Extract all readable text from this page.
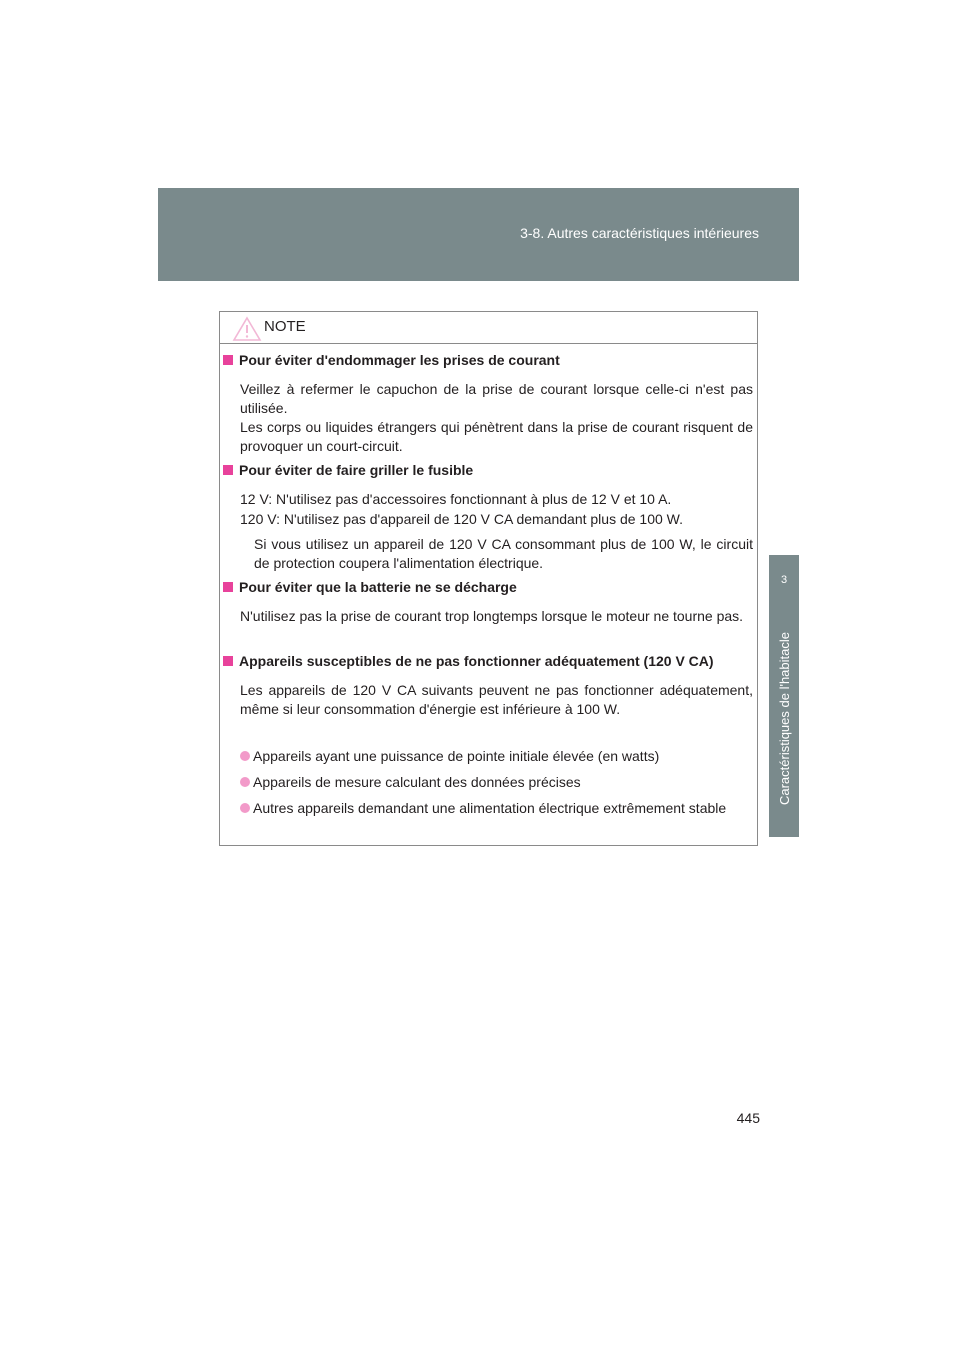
3-8. Autres caractéristiques intérieures
3
Caractéristiques de l'habitacle
NOTE
Pour éviter d'endommager les prises de courant
Veillez à refermer le capuchon de la prise de courant lorsque celle-ci n'est pas utilisée.
Les corps ou liquides étrangers qui pénètrent dans la prise de courant risquent de provoquer un court-circuit.
Pour éviter de faire griller le fusible
12 V: N'utilisez pas d'accessoires fonctionnant à plus de 12 V et 10 A.
120 V: N'utilisez pas d'appareil de 120 V CA demandant plus de 100 W.
Si vous utilisez un appareil de 120 V CA consommant plus de 100 W, le circuit de protection coupera l'alimentation électrique.
Pour éviter que la batterie ne se décharge
N'utilisez pas la prise de courant trop longtemps lorsque le moteur ne tourne pas.
Appareils susceptibles de ne pas fonctionner adéquatement (120 V CA)
Les appareils de 120 V CA suivants peuvent ne pas fonctionner adéquatement, même si leur consommation d'énergie est inférieure à 100 W.
Appareils ayant une puissance de pointe initiale élevée (en watts)
Appareils de mesure calculant des données précises
Autres appareils demandant une alimentation électrique extrêmement stable
445
